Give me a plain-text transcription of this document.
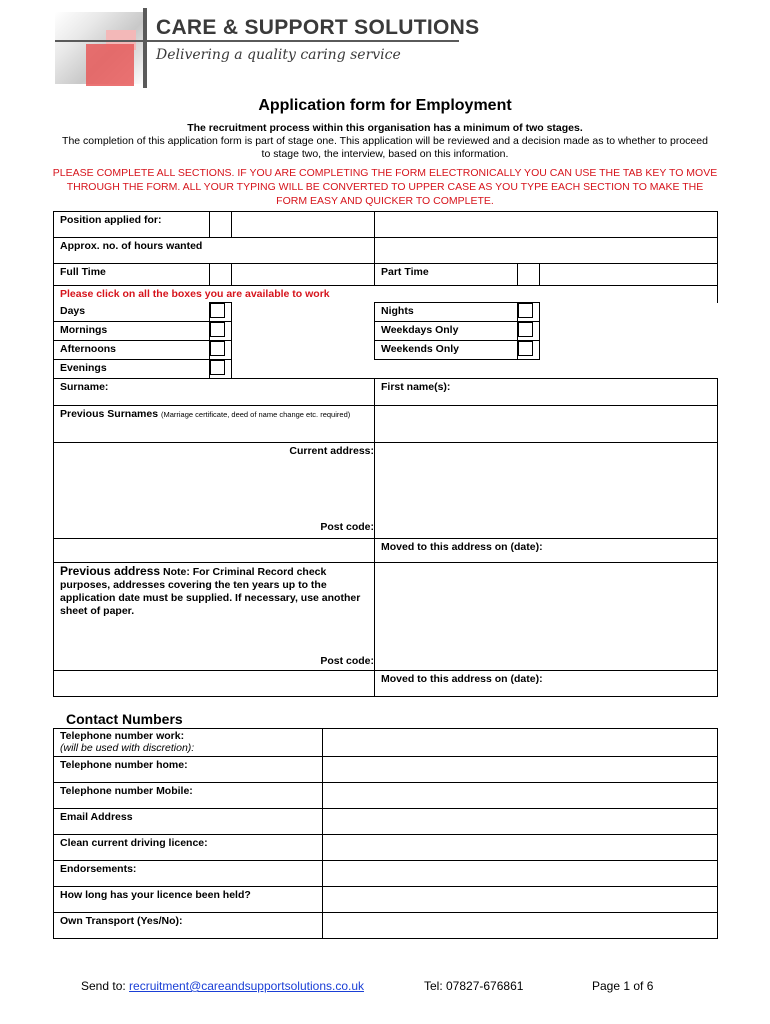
CARE & SUPPORT SOLUTIONS
Delivering a quality caring service
Application form for Employment
The recruitment process within this organisation has a minimum of two stages.
The completion of this application form is part of stage one. This application will be reviewed and a decision made as to whether to proceed to stage two, the interview, based on this information.
PLEASE COMPLETE ALL SECTIONS. IF YOU ARE COMPLETING THE FORM ELECTRONICALLY YOU CAN USE THE TAB KEY TO MOVE THROUGH THE FORM. ALL YOUR TYPING WILL BE CONVERTED TO UPPER CASE AS YOU TYPE EACH SECTION TO MAKE THE FORM EASY AND QUICKER TO COMPLETE.
Position applied for:					
Approx. no. of hours wanted					
Full Time			Part Time		
Please click on all the boxes you are available to work					
Days			Nights		
Mornings			Weekdays Only		
Afternoons			Weekends Only		
Evenings					
Surname:			First name(s):		
Previous Surnames (Marriage certificate, deed of name change etc. required)					
Current address:					
Post code:					
			Moved to this address on (date):		
Previous address Note: For Criminal Record check purposes, addresses covering the ten years up to the application date must be supplied. If necessary, use another sheet of paper.					
Post code:					
			Moved to this address on (date):		
Contact Numbers
Telephone number work:
(will be used with discretion):	

Telephone number home:	
Telephone number Mobile:	
Email Address	
Clean current driving licence:	
Endorsements:	
How long has your licence been held?	
Own Transport (Yes/No):	
Send to: recruitment@careandsupportsolutions.co.uk	Tel: 07827-676861	Page 1 of 6
